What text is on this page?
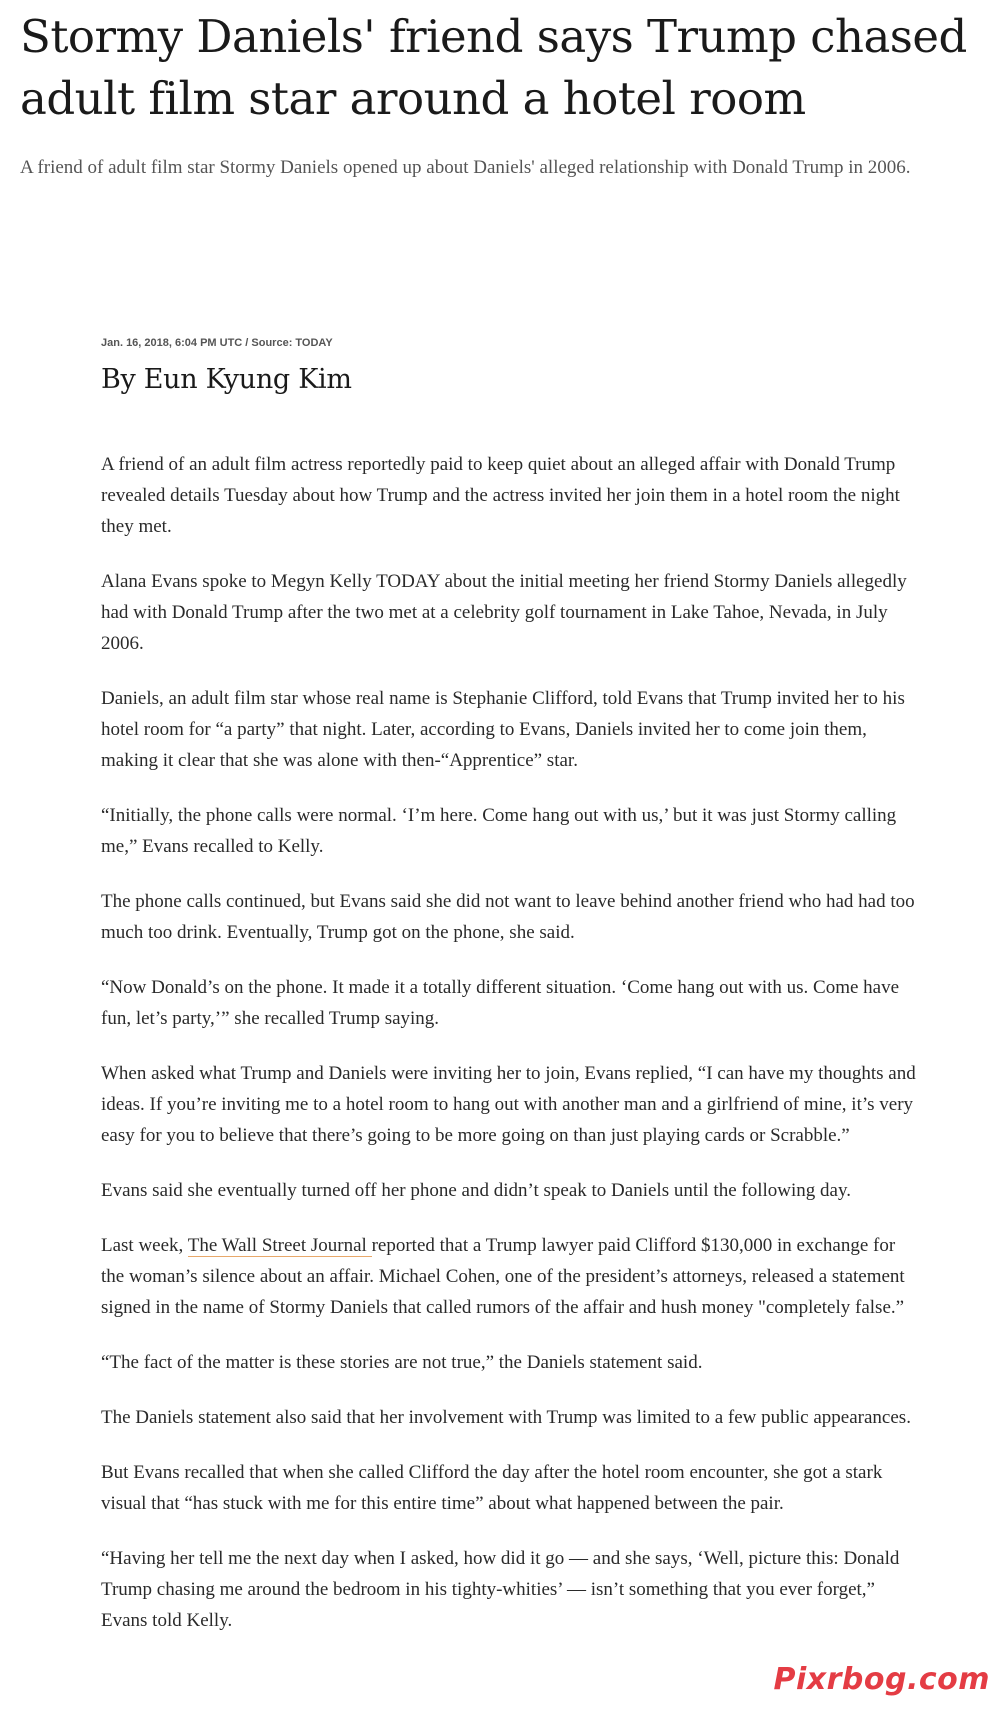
Stormy Daniels' friend says Trump chased adult film star around a hotel room

A friend of adult film star Stormy Daniels opened up about Daniels' alleged relationship with Donald Trump in 2006.

Jan. 16, 2018, 6:04 PM UTC / Source: TODAY

By Eun Kyung Kim

A friend of an adult film actress reportedly paid to keep quiet about an alleged affair with Donald Trump revealed details Tuesday about how Trump and the actress invited her join them in a hotel room the night they met.

Alana Evans spoke to Megyn Kelly TODAY about the initial meeting her friend Stormy Daniels allegedly had with Donald Trump after the two met at a celebrity golf tournament in Lake Tahoe, Nevada, in July 2006.

Daniels, an adult film star whose real name is Stephanie Clifford, told Evans that Trump invited her to his hotel room for “a party” that night. Later, according to Evans, Daniels invited her to come join them, making it clear that she was alone with then-“Apprentice” star.

“Initially, the phone calls were normal. ‘I’m here. Come hang out with us,’ but it was just Stormy calling me,” Evans recalled to Kelly.

The phone calls continued, but Evans said she did not want to leave behind another friend who had had too much too drink. Eventually, Trump got on the phone, she said.

“Now Donald’s on the phone. It made it a totally different situation. ‘Come hang out with us. Come have fun, let’s party,’” she recalled Trump saying.

When asked what Trump and Daniels were inviting her to join, Evans replied, “I can have my thoughts and ideas. If you’re inviting me to a hotel room to hang out with another man and a girlfriend of mine, it’s very easy for you to believe that there’s going to be more going on than just playing cards or Scrabble.”

Evans said she eventually turned off her phone and didn’t speak to Daniels until the following day.

Last week, The Wall Street Journal reported that a Trump lawyer paid Clifford $130,000 in exchange for the woman’s silence about an affair. Michael Cohen, one of the president’s attorneys, released a statement signed in the name of Stormy Daniels that called rumors of the affair and hush money "completely false.”

“The fact of the matter is these stories are not true,” the Daniels statement said.

The Daniels statement also said that her involvement with Trump was limited to a few public appearances.

But Evans recalled that when she called Clifford the day after the hotel room encounter, she got a stark visual that “has stuck with me for this entire time” about what happened between the pair.

“Having her tell me the next day when I asked, how did it go — and she says, ‘Well, picture this: Donald Trump chasing me around the bedroom in his tighty-whities’ — isn’t something that you ever forget,” Evans told Kelly.

Pixrbog.com
